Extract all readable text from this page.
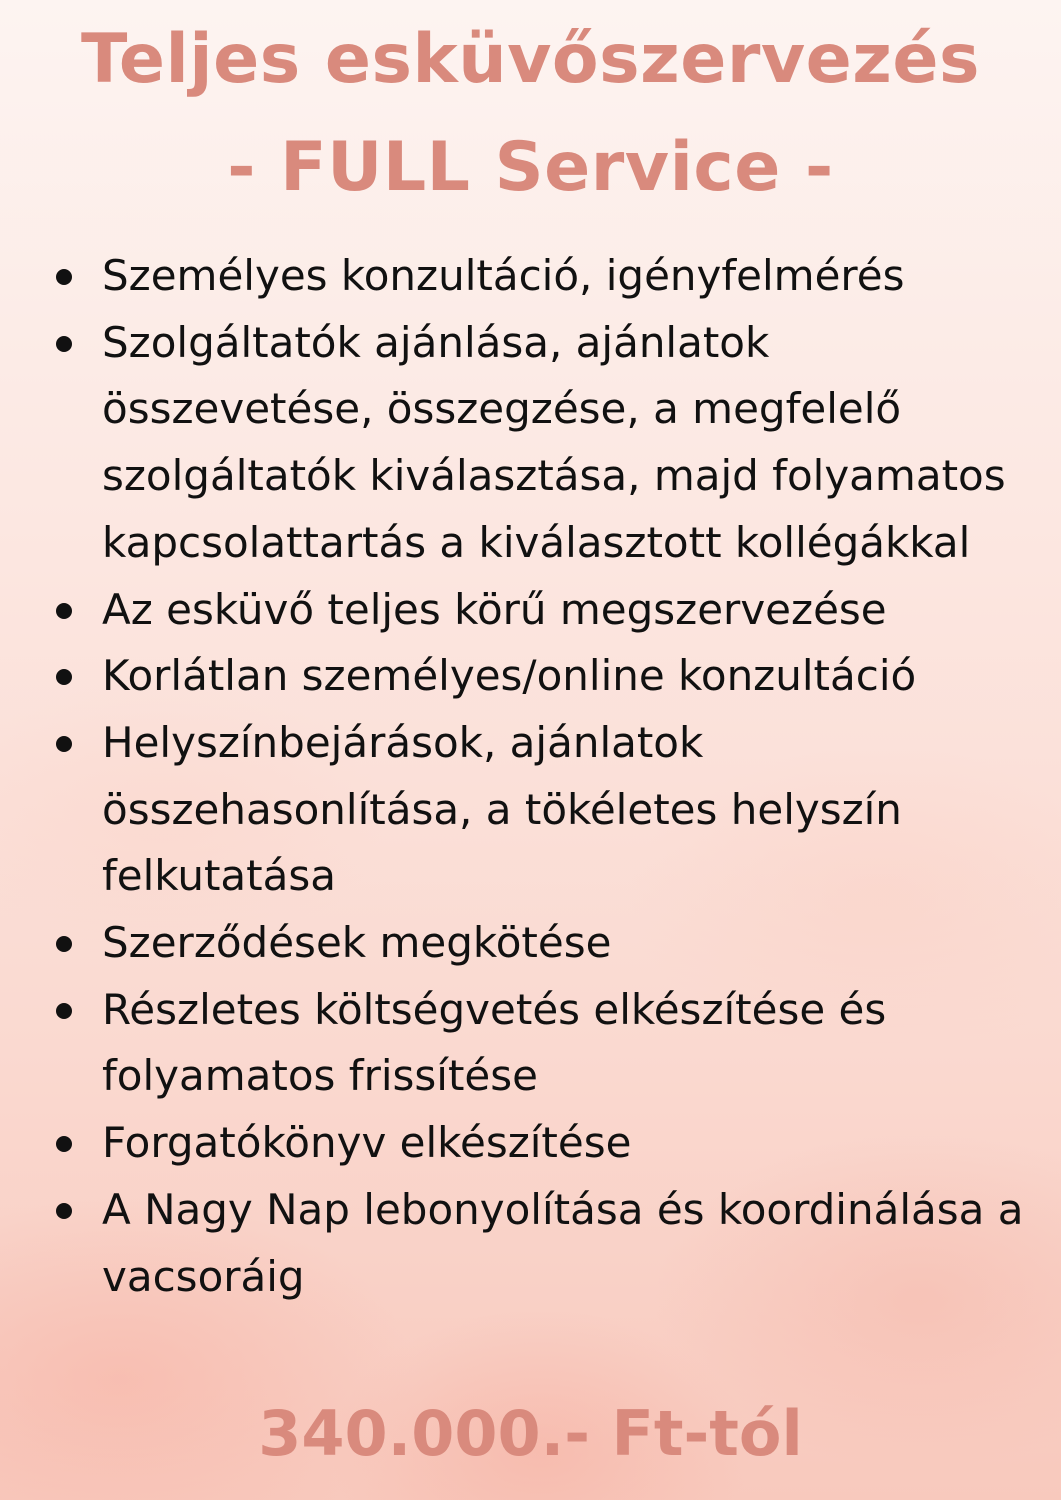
Teljes esküvőszervezés
- FULL Service -
Személyes konzultáció, igényfelmérés
Szolgáltatók ajánlása, ajánlatok összevetése, összegzése, a megfelelő szolgáltatók kiválasztása, majd folyamatos kapcsolattartás a kiválasztott kollégákkal
Az esküvő teljes körű megszervezése
Korlátlan személyes/online konzultáció
Helyszínbejárások, ajánlatok összehasonlítása, a tökéletes helyszín felkutatása
Szerződések megkötése
Részletes költségvetés elkészítése és folyamatos frissítése
Forgatókönyv elkészítése
A Nagy Nap lebonyolítása és koordinálása a vacsoráig
340.000.- Ft-tól
